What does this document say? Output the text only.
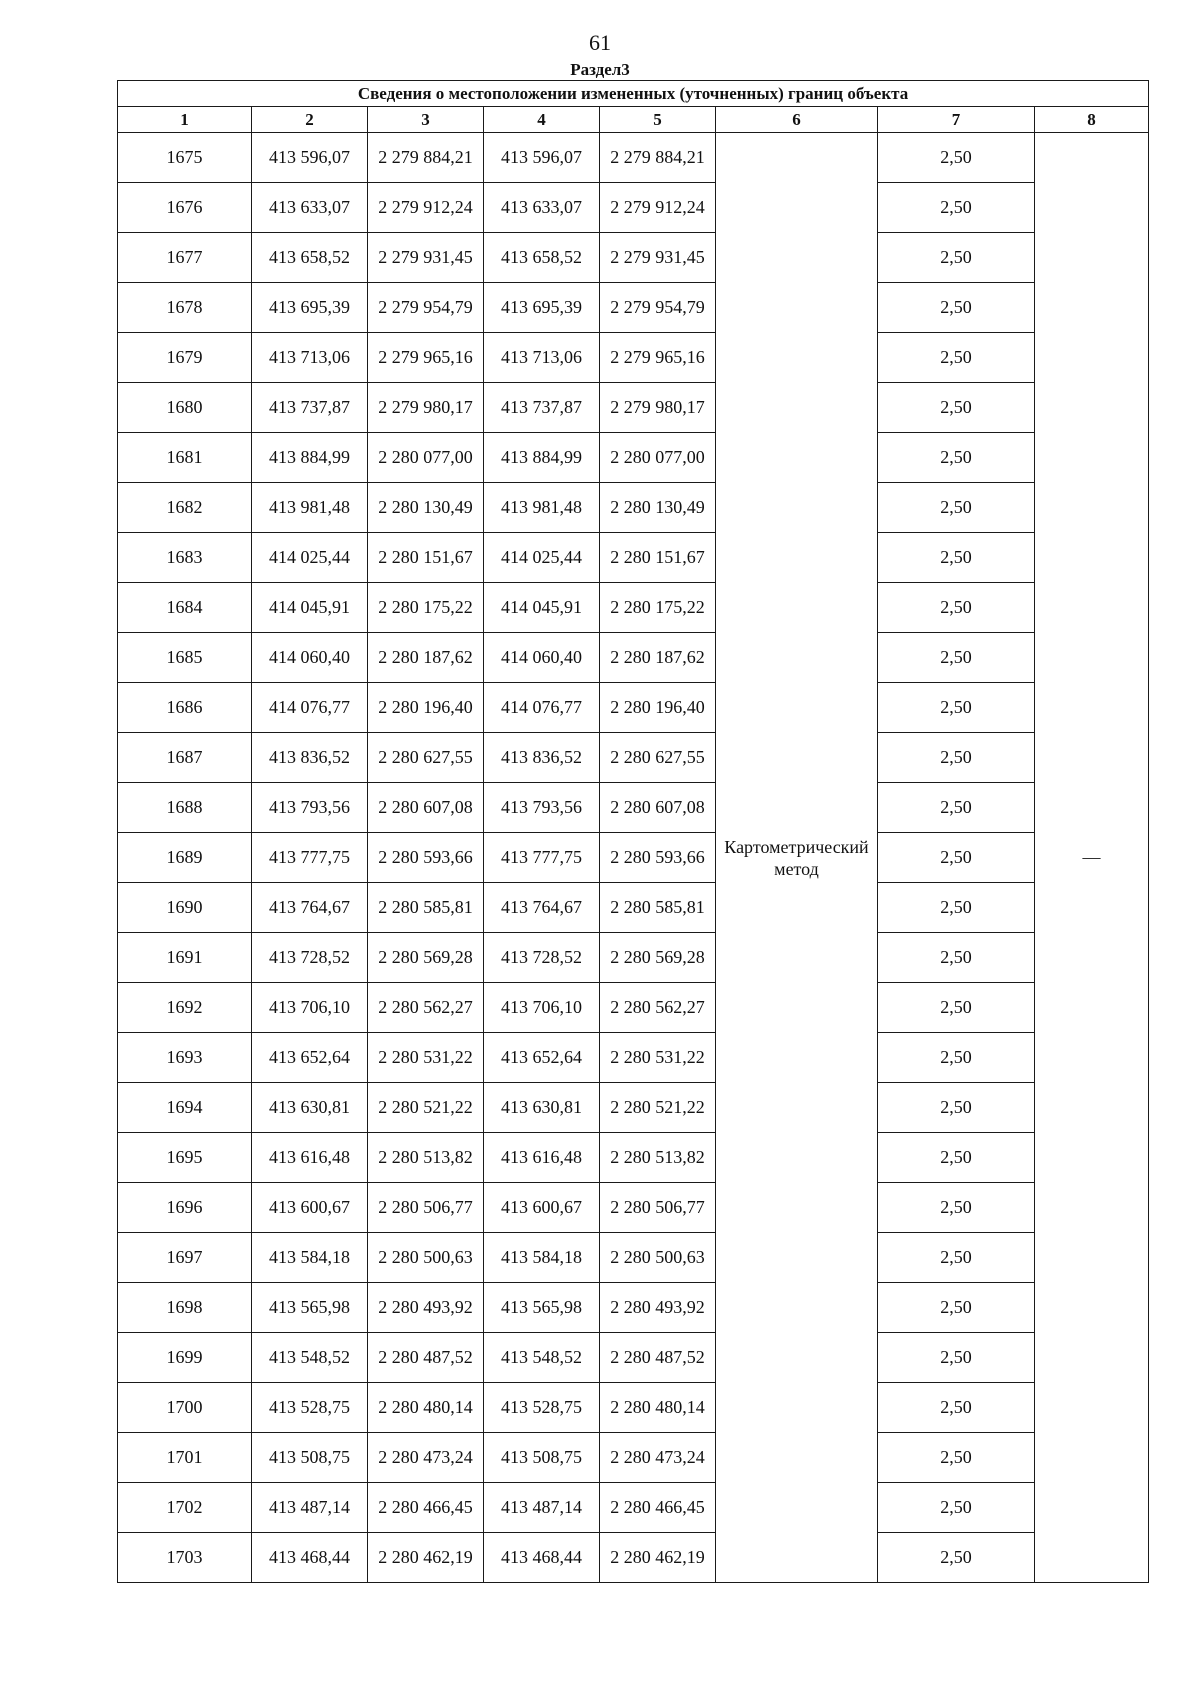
61
Раздел3
Сведения о местоположении измененных (уточненных) границ объекта							
1	2	3	4	5	6	7	8
1675	413 596,07	2 279 884,21	413 596,07	2 279 884,21	Картометрический метод	2,50	—
1676	413 633,07	2 279 912,24	413 633,07	2 279 912,24		2,50	
1677	413 658,52	2 279 931,45	413 658,52	2 279 931,45		2,50	
1678	413 695,39	2 279 954,79	413 695,39	2 279 954,79		2,50	
1679	413 713,06	2 279 965,16	413 713,06	2 279 965,16		2,50	
1680	413 737,87	2 279 980,17	413 737,87	2 279 980,17		2,50	
1681	413 884,99	2 280 077,00	413 884,99	2 280 077,00		2,50	
1682	413 981,48	2 280 130,49	413 981,48	2 280 130,49		2,50	
1683	414 025,44	2 280 151,67	414 025,44	2 280 151,67		2,50	
1684	414 045,91	2 280 175,22	414 045,91	2 280 175,22		2,50	
1685	414 060,40	2 280 187,62	414 060,40	2 280 187,62		2,50	
1686	414 076,77	2 280 196,40	414 076,77	2 280 196,40		2,50	
1687	413 836,52	2 280 627,55	413 836,52	2 280 627,55		2,50	
1688	413 793,56	2 280 607,08	413 793,56	2 280 607,08		2,50	
1689	413 777,75	2 280 593,66	413 777,75	2 280 593,66		2,50	
1690	413 764,67	2 280 585,81	413 764,67	2 280 585,81		2,50	
1691	413 728,52	2 280 569,28	413 728,52	2 280 569,28		2,50	
1692	413 706,10	2 280 562,27	413 706,10	2 280 562,27		2,50	
1693	413 652,64	2 280 531,22	413 652,64	2 280 531,22		2,50	
1694	413 630,81	2 280 521,22	413 630,81	2 280 521,22		2,50	
1695	413 616,48	2 280 513,82	413 616,48	2 280 513,82		2,50	
1696	413 600,67	2 280 506,77	413 600,67	2 280 506,77		2,50	
1697	413 584,18	2 280 500,63	413 584,18	2 280 500,63		2,50	
1698	413 565,98	2 280 493,92	413 565,98	2 280 493,92		2,50	
1699	413 548,52	2 280 487,52	413 548,52	2 280 487,52		2,50	
1700	413 528,75	2 280 480,14	413 528,75	2 280 480,14		2,50	
1701	413 508,75	2 280 473,24	413 508,75	2 280 473,24		2,50	
1702	413 487,14	2 280 466,45	413 487,14	2 280 466,45		2,50	
1703	413 468,44	2 280 462,19	413 468,44	2 280 462,19		2,50	
